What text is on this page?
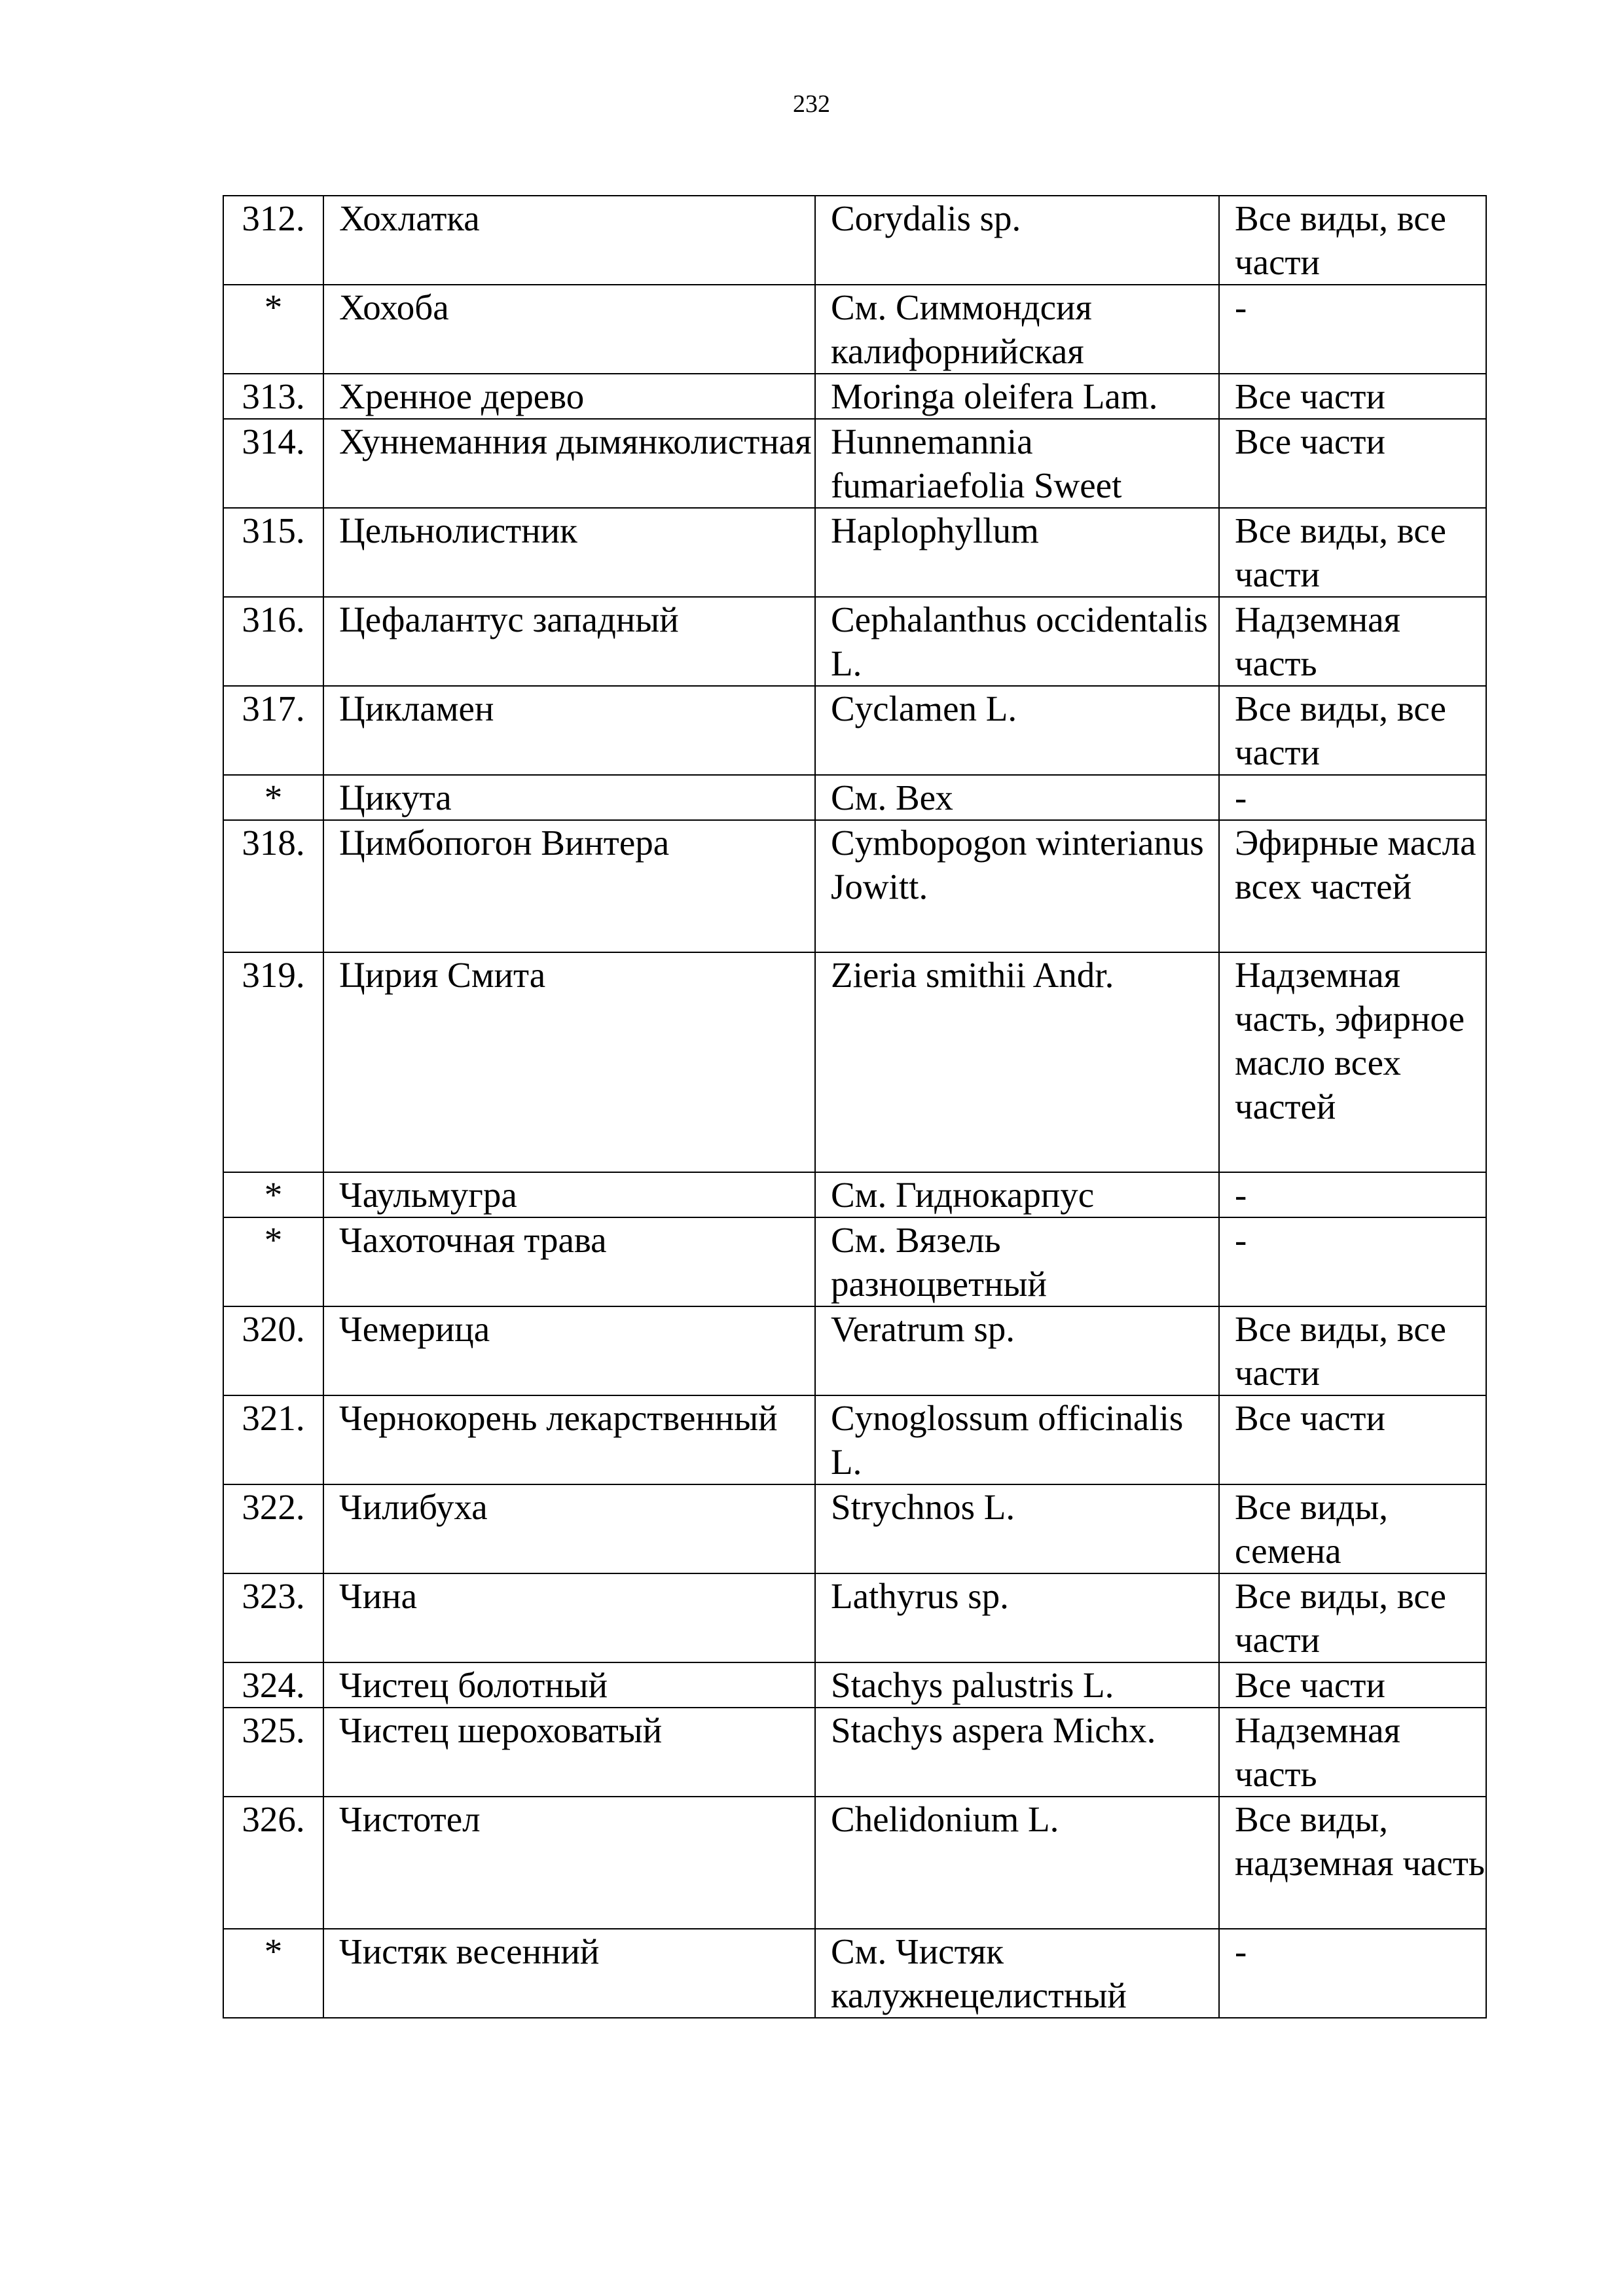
232
312.	Хохлатка	Corydalis sp.	Все виды, все части
*	Хохоба	См. Симмондсия калифорнийская	-
313.	Хренное дерево	Moringa oleifera Lam.	Все части
314.	Хуннеманния дымянколистная	Hunnemannia fumariaefolia Sweet	Все части
315.	Цельнолистник	Haplophyllum	Все виды, все части
316.	Цефалантус западный	Cephalanthus occidentalis L.	Надземная часть
317.	Цикламен	Cyclamen L.	Все виды, все части
*	Цикута	См. Вех	-
318.	Цимбопогон Винтера	Cymbopogon winterianus Jowitt.	Эфирные масла всех частей
319.	Цирия Смита	Zieria smithii Andr.	Надземная часть, эфирное масло всех частей
*	Чаульмугра	См. Гиднокарпус	-
*	Чахоточная трава	См. Вязель разноцветный	-
320.	Чемерица	Veratrum sp.	Все виды, все части
321.	Чернокорень лекарственный	Cynoglossum officinalis L.	Все части
322.	Чилибуха	Strychnos L.	Все виды, семена
323.	Чина	Lathyrus sp.	Все виды, все части
324.	Чистец болотный	Stachys palustris L.	Все части
325.	Чистец шероховатый	Stachys aspera Michx.	Надземная часть
326.	Чистотел	Chelidonium L.	Все виды, надземная часть
*	Чистяк весенний	См. Чистяк калужнецелистный	-
